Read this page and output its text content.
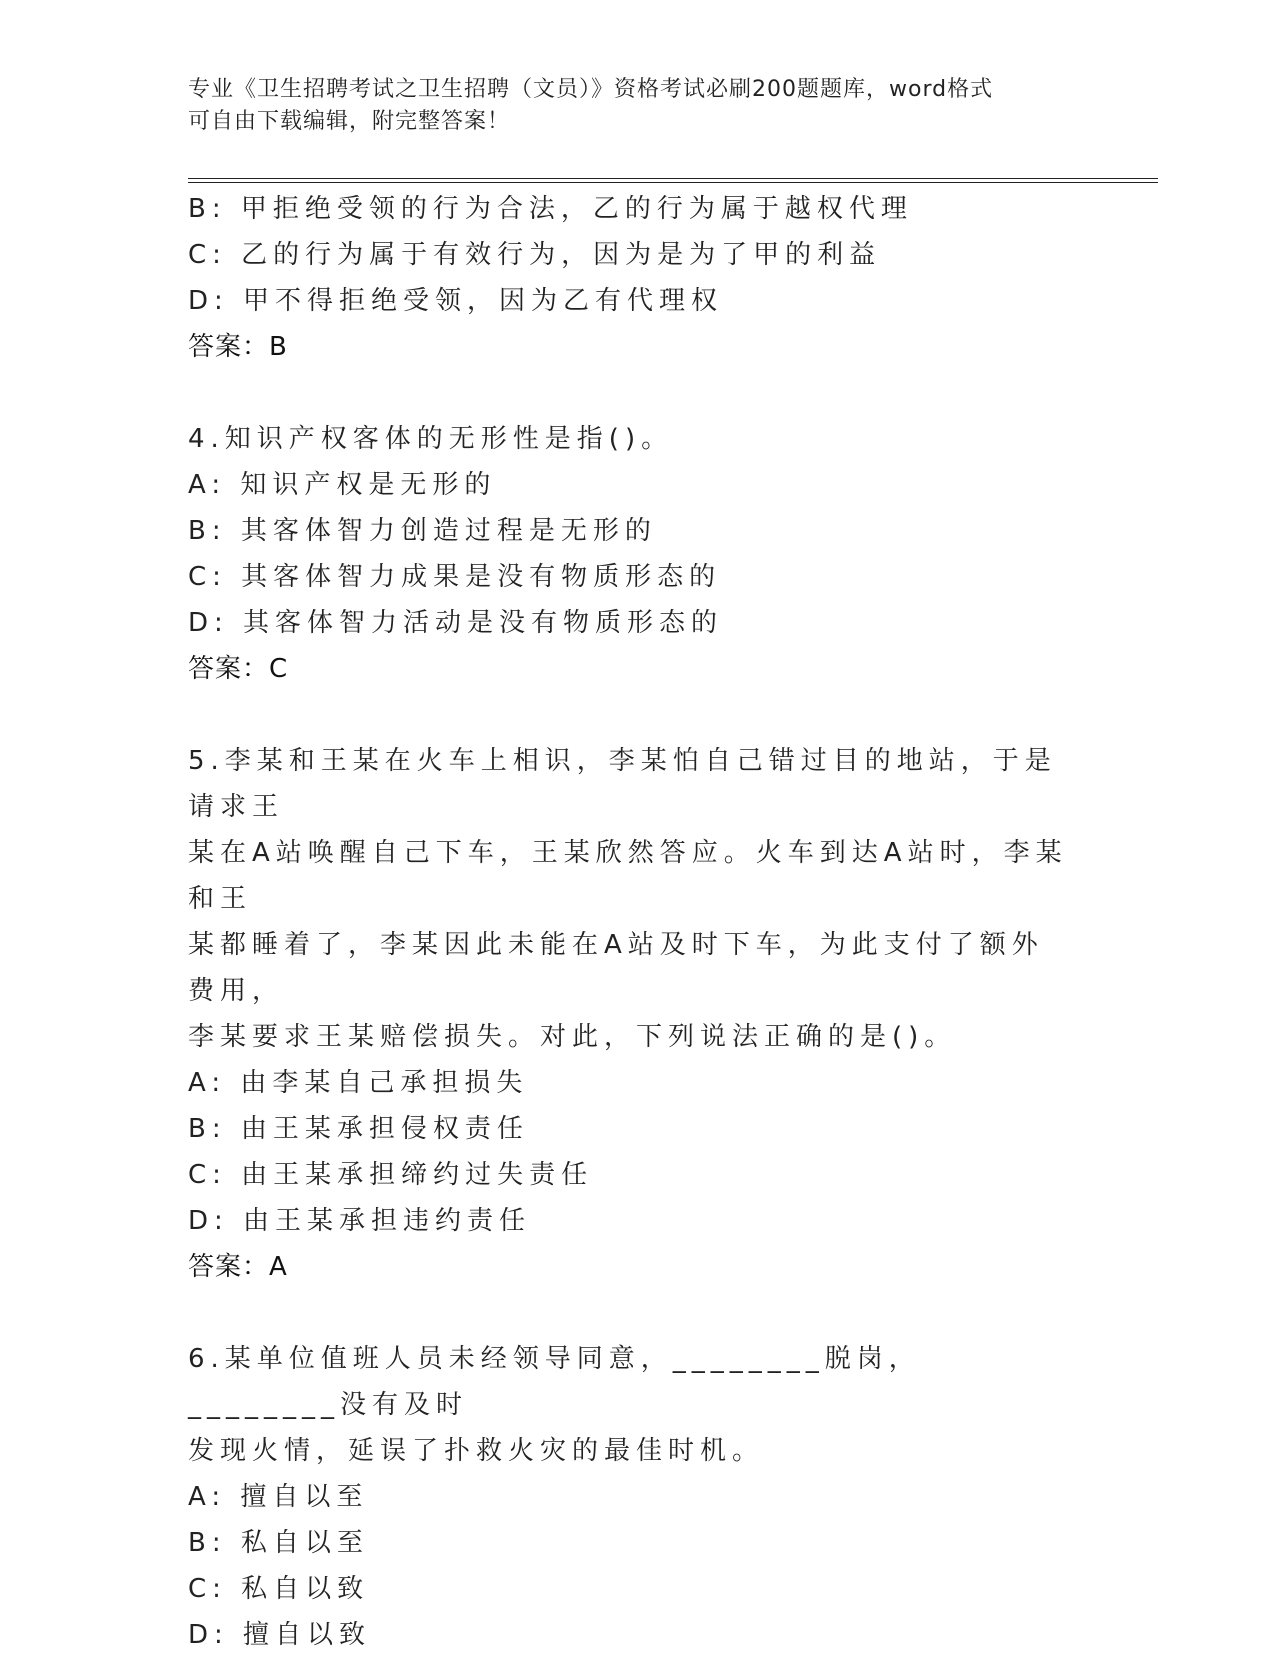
专业《卫生招聘考试之卫生招聘（文员）》资格考试必刷200题题库，word格式
可自由下载编辑，附完整答案！
B: 甲拒绝受领的行为合法，乙的行为属于越权代理
C: 乙的行为属于有效行为，因为是为了甲的利益
D: 甲不得拒绝受领，因为乙有代理权
答案：B
4.知识产权客体的无形性是指()。
A: 知识产权是无形的
B: 其客体智力创造过程是无形的
C: 其客体智力成果是没有物质形态的
D: 其客体智力活动是没有物质形态的
答案：C
5.李某和王某在火车上相识，李某怕自己错过目的地站，于是请求王
某在A站唤醒自己下车，王某欣然答应。火车到达A站时，李某和王
某都睡着了，李某因此未能在A站及时下车，为此支付了额外费用，
李某要求王某赔偿损失。对此，下列说法正确的是()。
A: 由李某自己承担损失
B: 由王某承担侵权责任
C: 由王某承担缔约过失责任
D: 由王某承担违约责任
答案：A
6.某单位值班人员未经领导同意，________脱岗，________没有及时
发现火情，延误了扑救火灾的最佳时机。
A: 擅自以至
B: 私自以至
C: 私自以致
D: 擅自以致
